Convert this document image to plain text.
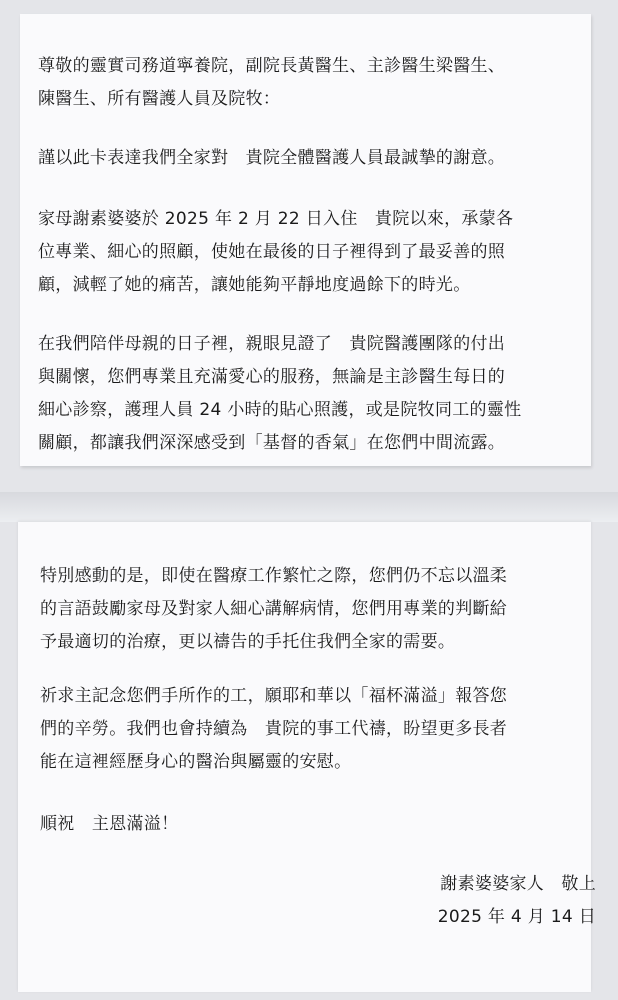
尊敬的靈實司務道寧養院，副院長黃醫生、主診醫生梁醫生、
陳醫生、所有醫護人員及院牧：

謹以此卡表達我們全家對　貴院全體醫護人員最誠摯的謝意。

家母謝素婆婆於 2025 年 2 月 22 日入住　貴院以來，承蒙各
位專業、細心的照顧，使她在最後的日子裡得到了最妥善的照
顧，減輕了她的痛苦，讓她能夠平靜地度過餘下的時光。

在我們陪伴母親的日子裡，親眼見證了　貴院醫護團隊的付出
與關懷，您們專業且充滿愛心的服務，無論是主診醫生每日的
細心診察，護理人員 24 小時的貼心照護，或是院牧同工的靈性
關顧，都讓我們深深感受到「基督的香氣」在您們中間流露。

特別感動的是，即使在醫療工作繁忙之際，您們仍不忘以溫柔
的言語鼓勵家母及對家人細心講解病情，您們用專業的判斷給
予最適切的治療，更以禱告的手托住我們全家的需要。

祈求主記念您們手所作的工，願耶和華以「福杯滿溢」報答您
們的辛勞。我們也會持續為　貴院的事工代禱，盼望更多長者
能在這裡經歷身心的醫治與屬靈的安慰。

順祝　主恩滿溢！

謝素婆婆家人　敬上
2025 年 4 月 14 日
